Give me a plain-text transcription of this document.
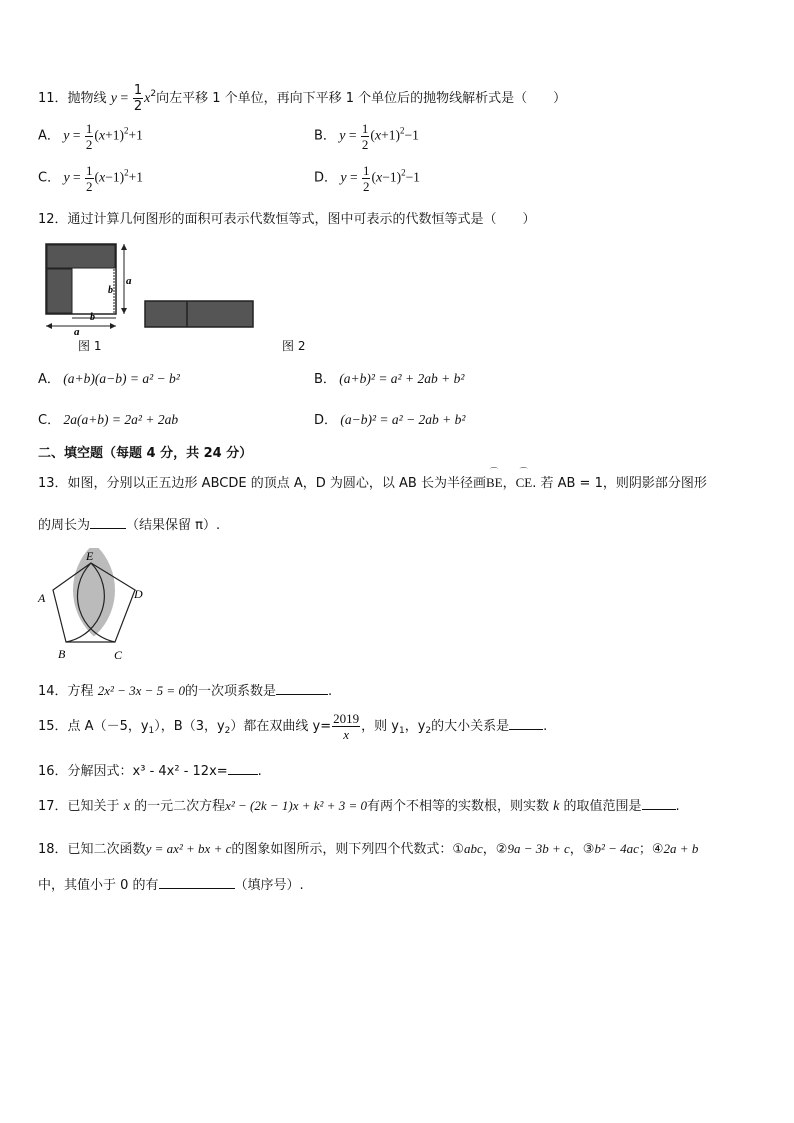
11．抛物线 $y = \frac{1}{2} x^2$向左平移 1 个单位，再向下平移 1 个单位后的抛物线解析式是（　　）
A． $y = \frac{1}{2} (x+1)^2+1$	B． $y = \frac{1}{2} (x+1)^2-1$
C． $y = \frac{1}{2} (x-1)^2+1$	D． $y = \frac{1}{2} (x-1)^2-1$
12．通过计算几何图形的面积可表示代数恒等式，图中可表示的代数恒等式是（　　）
a
b
b
a
图 1	图 2
A． (a+b)(a−b) = a² − b²	B． (a+b)² = a² + 2ab + b²
C． 2a(a+b) = 2a² + 2ab	D． (a−b)² = a² − 2ab + b²
二、填空题（每题 4 分，共 24 分）
13．如图，分别以正五边形 ABCDE 的顶点 A，D 为圆心，以 AB 长为半径画
⌒
BE，
⌒
CE. 若 AB = 1，则阴影部分图形
的周长为	（结果保留 π）.
E
A	D
B	C
14．方程 2x² − 3x − 5 = 0的一次项系数是	.
15．点 A（－5，$y_1$），B（3，$y_2$）都在双曲线 $y= \frac{2019}{x}$ ，则 $y_1$，$y_2$的大小关系是	.
16．分解因式：x³ - 4x² - 12x= .
17．已知关于 x 的一元二次方程x² − (2k − 1)x + k² + 3 = 0有两个不相等的实数根，则实数 k 的取值范围是	.
18．已知二次函数y = ax² + bx + c的图象如图所示，则下列四个代数式：①abc，②9a − 3b + c，③b² − 4ac；④2a + b
中，其值小于 0 的有	（填序号）.
